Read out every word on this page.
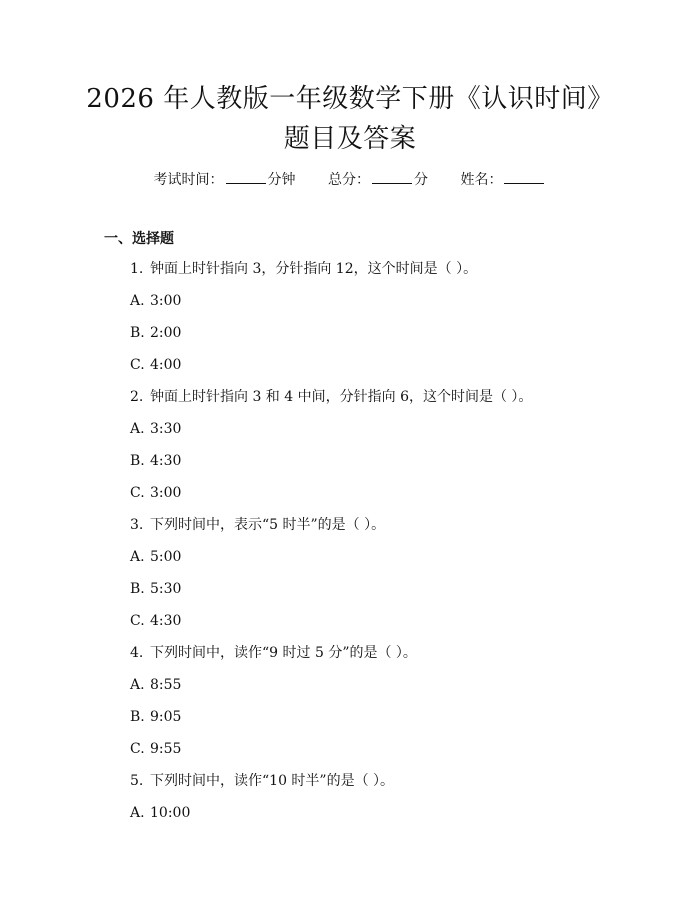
2026 年人教版一年级数学下册《认识时间》
题目及答案
考试时间：	分钟 总分：	分 姓名：
一、选择题
1. 钟面上时针指向 3，分针指向 12，这个时间是（ ）。
A. 3:00
B. 2:00
C. 4:00
2. 钟面上时针指向 3 和 4 中间，分针指向 6，这个时间是（ ）。
A. 3:30
B. 4:30
C. 3:00
3. 下列时间中，表示“5 时半”的是（ ）。
A. 5:00
B. 5:30
C. 4:30
4. 下列时间中，读作“9 时过 5 分”的是（ ）。
A. 8:55
B. 9:05
C. 9:55
5. 下列时间中，读作“10 时半”的是（ ）。
A. 10:00
